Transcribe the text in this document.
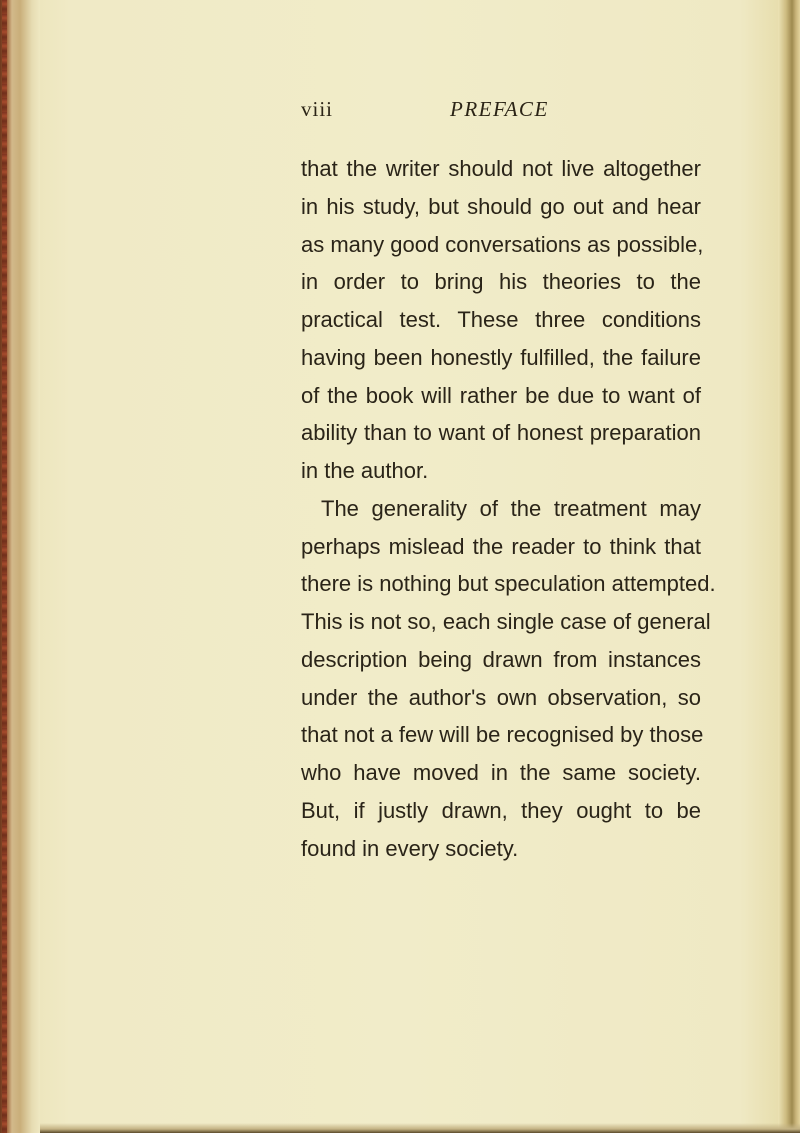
viii	PREFACE
that the writer should not live altogether
in his study, but should go out and hear
as many good conversations as possible,
in order to bring his theories to the
practical test. These three conditions
having been honestly fulfilled, the failure
of the book will rather be due to want of
ability than to want of honest preparation
in the author.
The generality of the treatment may
perhaps mislead the reader to think that
there is nothing but speculation attempted.
This is not so, each single case of general
description being drawn from instances
under the author's own observation, so
that not a few will be recognised by those
who have moved in the same society.
But, if justly drawn, they ought to be
found in every society.
